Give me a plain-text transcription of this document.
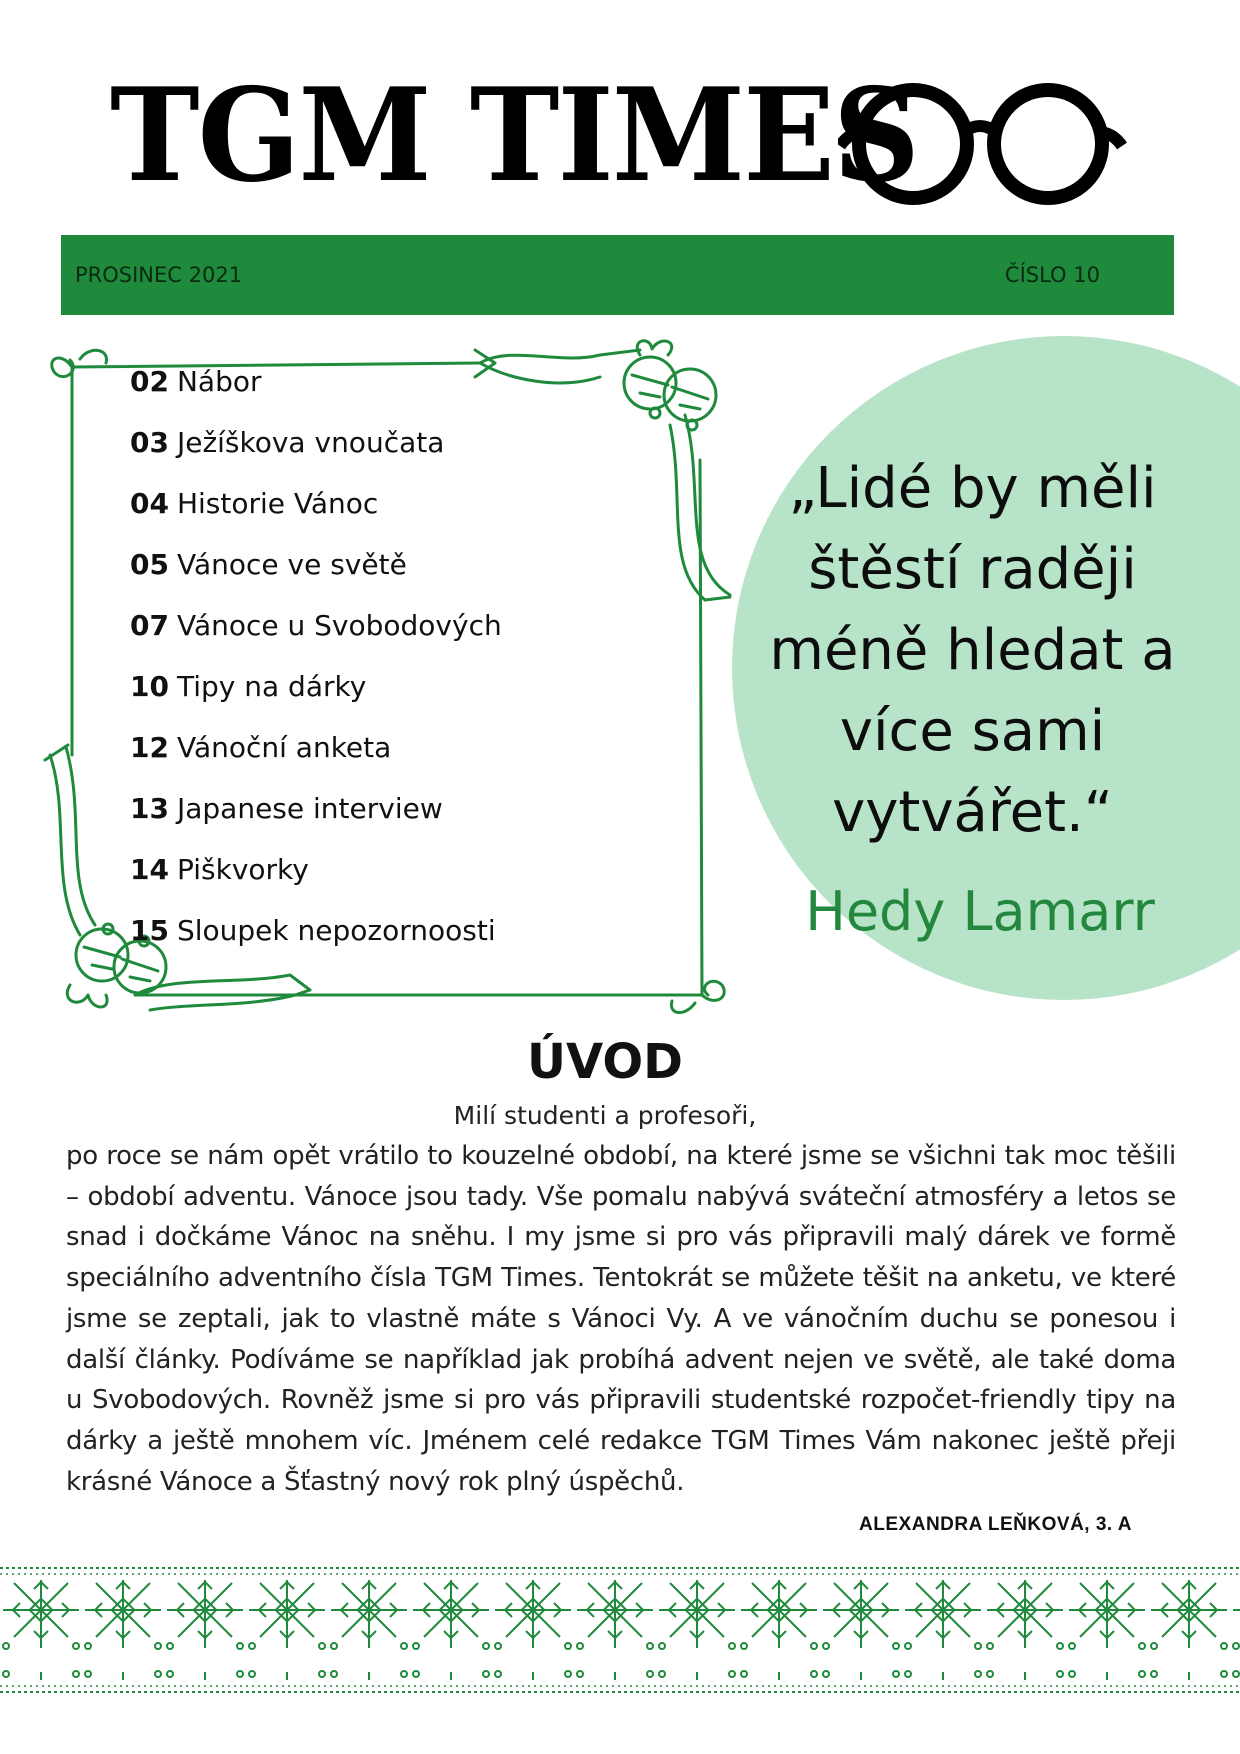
TGM TIMES
PROSINEC 2021	ČÍSLO 10
02 Nábor
03 Ježíškova vnoučata
04 Historie Vánoc
05 Vánoce ve světě
07 Vánoce u Svobodových
10 Tipy na dárky
12 Vánoční anketa
13 Japanese interview
14 Piškvorky
15 Sloupek nepozornoosti
„Lidé by měli štěstí raději méně hledat a více sami vytvářet.“
Hedy Lamarr
ÚVOD
Milí studenti a profesoři,
po roce se nám opět vrátilo to kouzelné období, na které jsme se všichni tak moc těšili – období adventu. Vánoce jsou tady. Vše pomalu nabývá sváteční atmosféry a letos se snad i dočkáme Vánoc na sněhu. I my jsme si pro vás připravili malý dárek ve formě speciálního adventního čísla TGM Times. Tentokrát se můžete těšit na anketu, ve které jsme se zeptali, jak to vlastně máte s Vánoci Vy. A ve vánočním duchu se ponesou i další články. Podíváme se například jak probíhá advent nejen ve světě, ale také doma u Svobodových. Rovněž jsme si pro vás připravili studentské rozpočet-friendly tipy na dárky a ještě mnohem víc. Jménem celé redakce TGM Times Vám nakonec ještě přeji krásné Vánoce a Šťastný nový rok plný úspěchů.
ALEXANDRA LEŇKOVÁ, 3. A
